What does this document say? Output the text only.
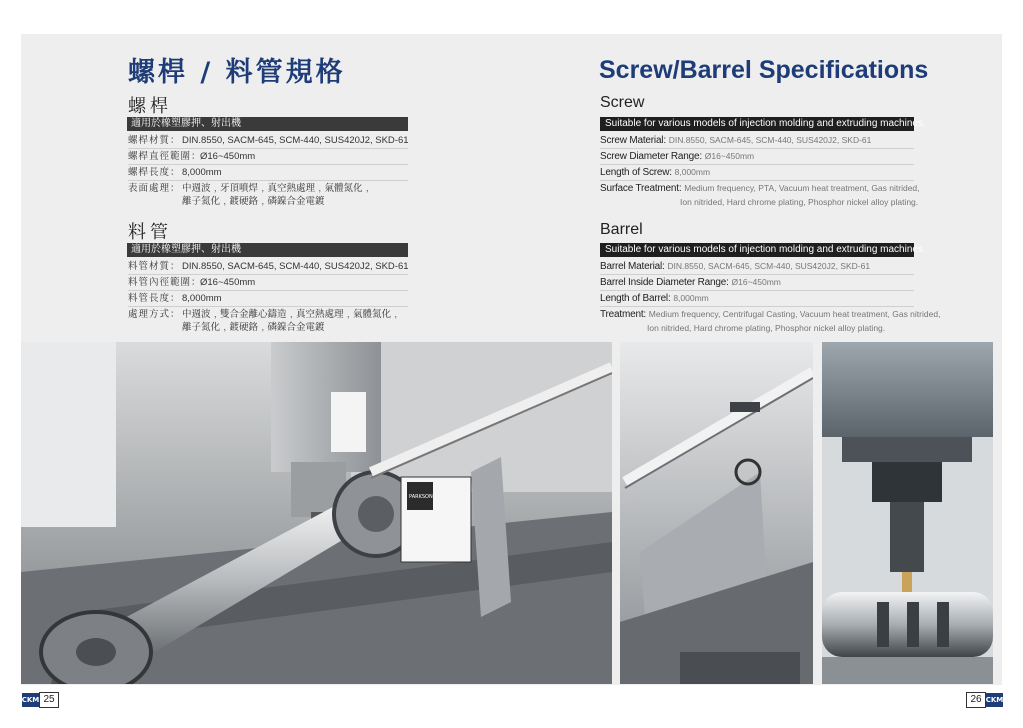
螺桿 / 料管規格	Screw/Barrel Specifications
螺桿
適用於橡塑膠押、射出機
螺桿材質：DIN.8550, SACM-645, SCM-440, SUS420J2, SKD-61
螺桿直徑範圍：Ø16~450mm
螺桿長度：8,000mm
表面處理：中週波﹐牙頂噴焊﹐真空熱處理﹐氣體氮化﹐
離子氮化﹐鍍硬鉻﹐磷鎳合金電鍍
料管
適用於橡塑膠押、射出機
料管材質：DIN.8550, SACM-645, SCM-440, SUS420J2, SKD-61
料管內徑範圍：Ø16~450mm
料管長度：8,000mm
處理方式：中週波﹐雙合金離心鑄造﹐真空熱處理﹐氣體氮化﹐
離子氮化﹐鍍硬鉻﹐磷鎳合金電鍍
Screw
Suitable for various models of injection molding and extruding machines.
Screw Material: DIN.8550, SACM-645, SCM-440, SUS420J2, SKD-61
Screw Diameter Range: Ø16~450mm
Length of Screw: 8,000mm
Surface Treatment: Medium frequency, PTA, Vacuum heat treatment, Gas nitrided,
Ion nitrided, Hard chrome plating, Phosphor nickel alloy plating.
Barrel
Suitable for various models of injection molding and extruding machines.
Barrel Material: DIN.8550, SACM-645, SCM-440, SUS420J2, SKD-61
Barrel Inside Diameter Range: Ø16~450mm
Length of Barrel: 8,000mm
Treatment: Medium frequency, Centrifugal Casting, Vacuum heat treatment, Gas nitrided,
Ion nitrided, Hard chrome plating, Phosphor nickel alloy plating.
PARKSON
CKM 25	26 CKM
